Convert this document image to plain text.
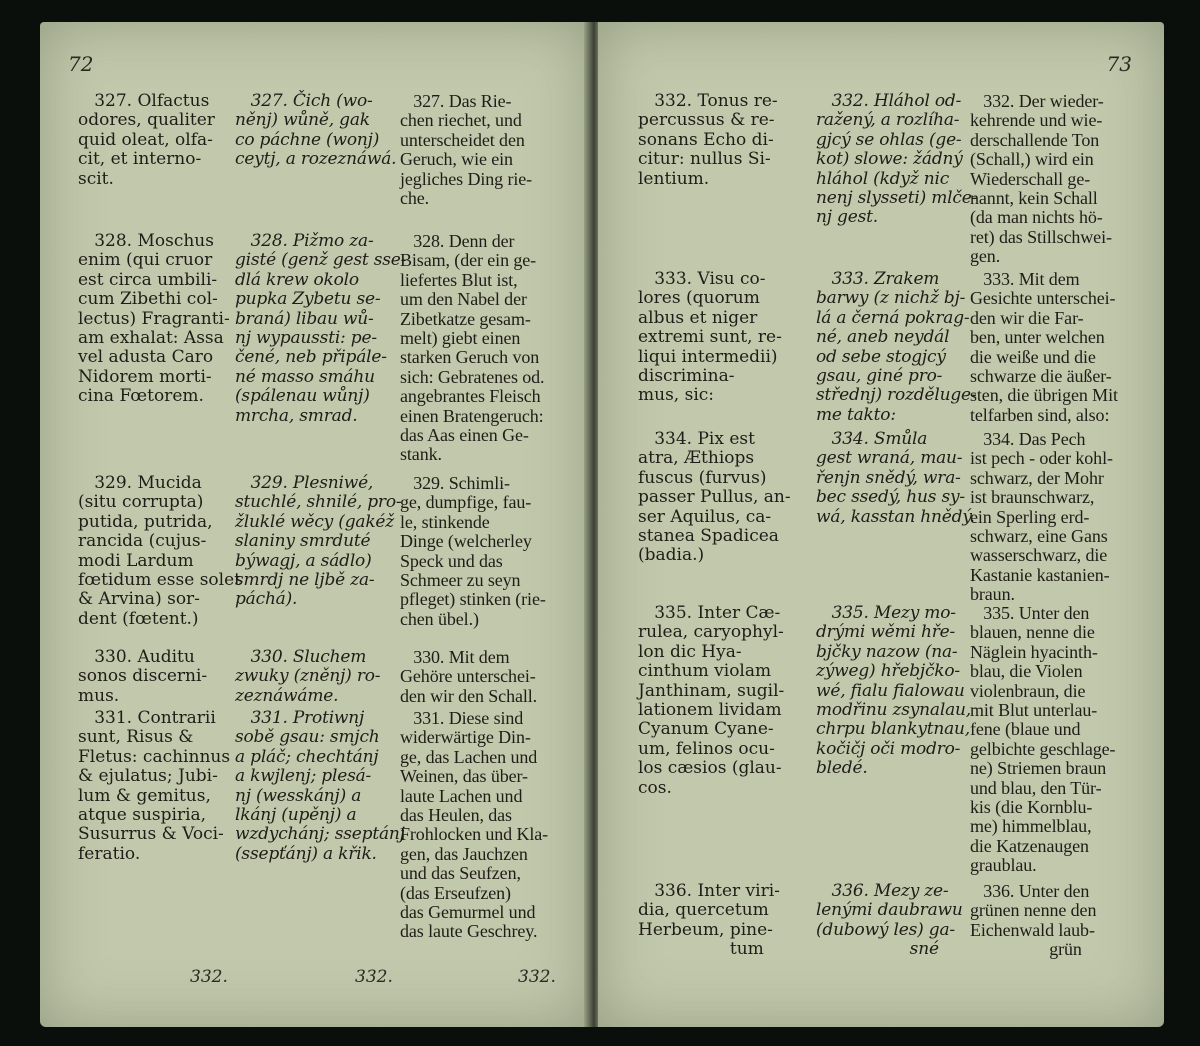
72

327. Olfactus
odores, qualiter
quid oleat, olfa-
cit, et interno-
scit.

328. Moschus
enim (qui cruor
est circa umbili-
cum Zibethi col-
lectus) Fragranti-
am exhalat: Assa
vel adusta Caro
Nidorem morti-
cina Fœtorem.

329. Mucida
(situ corrupta)
putida, putrida,
rancida (cujus-
modi Lardum
fœtidum esse solet
& Arvina) sor-
dent (fœtent.)

330. Auditu
sonos discerni-
mus.

331. Contrarii
sunt, Risus &
Fletus: cachinnus
& ejulatus; Jubi-
lum & gemitus,
atque suspiria,
Susurrus & Voci-
feratio.

327. Čich (wo-
něnj) wůně, gak
co páchne (wonj)
ceytj, a rozeznáwá.

328. Pižmo za-
gisté (genž gest sse-
dlá krew okolo
pupka Zybetu se-
braná) libau wů-
nj wypaussti: pe-
čené, neb připále-
né masso smáhu
(spálenau wůnj)
mrcha, smrad.

329. Plesniwé,
stuchlé, shnilé, pro-
žluklé wěcy (gakéž
slaniny smrduté
býwagj, a sádlo)
smrdj ne ljbě za-
páchá).

330. Sluchem
zwuky (zněnj) ro-
zeznáwáme.

331. Protiwnj
sobě gsau: smjch
a pláč; chechtánj
a kwjlenj; plesá-
nj (wesskánj) a
lkánj (upěnj) a
wzdychánj; sseptánj
(ssepťánj) a křik.

327. Das Rie-
chen riechet, und
unterscheidet den
Geruch, wie ein
jegliches Ding rie-
che.

328. Denn der
Bisam, (der ein ge-
liefertes Blut ist,
um den Nabel der
Zibetkatze gesam-
melt) giebt einen
starken Geruch von
sich: Gebratenes od.
angebrantes Fleisch
einen Bratengeruch:
das Aas einen Ge-
stank.

329. Schimli-
ge, dumpfige, fau-
le, stinkende
Dinge (welcherley
Speck und das
Schmeer zu seyn
pfleget) stinken (rie-
chen übel.)

330. Mit dem
Gehöre unterschei-
den wir den Schall.

331. Diese sind
widerwärtige Din-
ge, das Lachen und
Weinen, das über-
laute Lachen und
das Heulen, das
Frohlocken und Kla-
gen, das Jauchzen
und das Seufzen,
(das Erseufzen)
das Gemurmel und
das laute Geschrey.

332.	332.	332.
73

332. Tonus re-
percussus & re-
sonans Echo di-
citur: nullus Si-
lentium.

333. Visu co-
lores (quorum
albus et niger
extremi sunt, re-
liqui intermedii)
discriminа-
mus, sic:

334. Pix est
atra, Æthiops
fuscus (furvus)
passer Pullus, an-
ser Aquilus, ca-
stanea Spadicea
(badia.)

335. Inter Cæ-
rulea, caryophyl-
lon dic Hya-
cinthum violam
Janthinam, sugil-
lationem lividam
Cyanum Cyane-
um, felinos ocu-
los cæsios (glau-
cos.

336. Inter viri-
dia, quercetum
Herbeum, pine-
tum

332. Hláhol od-
ražený, a rozlíha-
gjcý se ohlas (ge-
kot) slowe: žádný
hláhol (když nic
nenj slysseti) mlče-
nj gest.

333. Zrakem
barwy (z nichž bj-
lá a černá pokrag-
né, aneb neydál
od sebe stogjcý
gsau, giné pro-
střednj) rozděluge-
me takto:

334. Smůla
gest wraná, mau-
řenjn snědý, wra-
bec ssedý, hus sy-
wá, kasstan hnědý.

335. Mezy mo-
drými wěmi hře-
bjčky nazow (na-
zýweg) hřebjčko-
wé, fialu fialowau
modřinu zsynalau,
chrpu blankytnau,
kočičj oči modro-
bledé.

336. Mezy ze-
lenými daubrawu
(dubowý les) ga-
sné

332. Der wieder-
kehrende und wie-
derschallende Ton
(Schall,) wird ein
Wiederschall ge-
nannt, kein Schall
(da man nichts hö-
ret) das Stillschwei-
gen.

333. Mit dem
Gesichte unterschei-
den wir die Far-
ben, unter welchen
die weiße und die
schwarze die äußer-
sten, die übrigen Mit
telfarben sind, also:

334. Das Pech
ist pech - oder kohl-
schwarz, der Mohr
ist braunschwarz,
ein Sperling erd-
schwarz, eine Gans
wasserschwarz, die
Kastanie kastanien-
braun.

335. Unter den
blauen, nenne die
Näglein hyacinth-
blau, die Violen
violenbraun, die
mit Blut unterlau-
fene (blaue und
gelbichte geschlage-
ne) Striemen braun
und blau, den Tür-
kis (die Kornblu-
me) himmelblau,
die Katzenaugen
graublau.

336. Unter den
grünen nenne den
Eichenwald laub-
grün
